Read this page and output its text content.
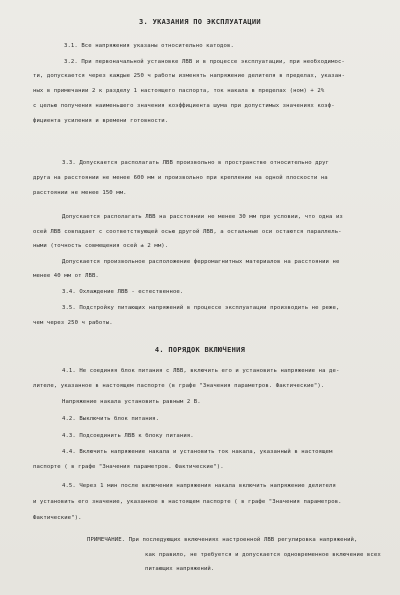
3. УКАЗАНИЯ ПО ЭКСПЛУАТАЦИИ
3.1. Все напряжения указаны относительно катодов.
3.2. При первоначальной установке ЛВВ и в процессе эксплуатации, при необходимос-
ти, допускается через каждые 250 ч работы изменять напряжение делителя в пределах, указан-
ных в примечании 2 к разделу 1 настоящего паспорта, ток накала в пределах (ном) + 2%
с целью получения наименьшего значения коэффициента шума при допустимых значениях коэф-
фициента усиления и времени готовности.
3.3. Допускается располагать ЛВВ произвольно в пространстве относительно друг
друга на расстоянии не менее 600 мм и произвольно при креплении на одной плоскости на
расстоянии не менее 150 мм.
Допускается располагать ЛВВ на расстоянии не менее 30 мм при условии, что одна из
осей ЛВВ совпадает с соответствующей осью другой ЛВВ, а остальные оси остаются параллель-
ными (точность совмещения осей ± 2 мм).
Допускается произвольное расположение ферромагнитных материалов на расстоянии не
менее 40 мм от ЛВВ.
3.4. Охлаждение ЛВВ - естественное.
3.5. Подстройку питающих напряжений в процессе эксплуатации производить не реже,
чем через 250 ч работы.
4. ПОРЯДОК ВКЛЮЧЕНИЯ
4.1. Не соединяя блок питания с ЛВВ, включить его и установить напряжение на де-
лителе, указанное в настоящем паспорте (в графе "Значения параметров. Фактические").
Напряжение накала установить равным 2 В.
4.2. Выключить блок питания.
4.3. Подсоединить ЛВВ к блоку питания.
4.4. Включить напряжение накала и установить ток накала, указанный в настоящем
паспорте ( в графе "Значения параметров. Фактические").
4.5. Через 1 мин после включения напряжения накала включить напряжение делителя
и установить его значение, указанное в настоящем паспорте ( в графе "Значения параметров.
Фактические").
ПРИМЕЧАНИЕ. При последующих включениях настроенной ЛВВ регулировка напряжений,
как правило, не требуется и допускается одновременное включение всех
питающих напряжений.
